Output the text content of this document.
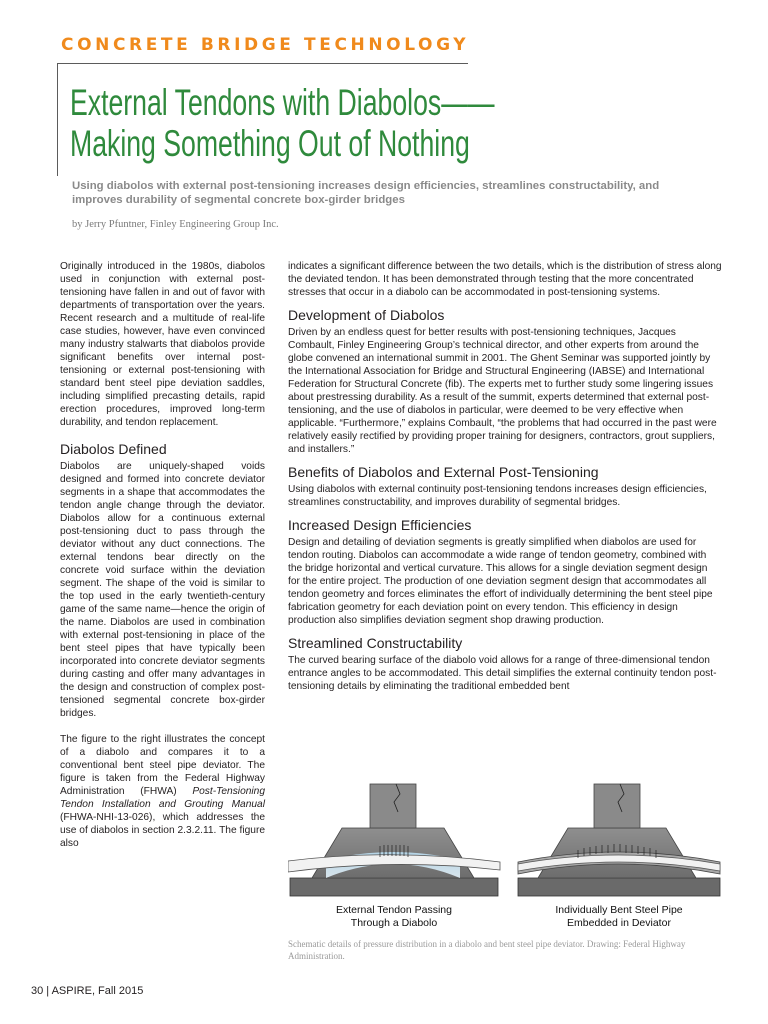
CONCRETE BRIDGE TECHNOLOGY
External Tendons with Diabolos——
Making Something Out of Nothing
Using diabolos with external post-tensioning increases design efficiencies, streamlines constructability, and improves durability of segmental concrete box-girder bridges
by Jerry Pfuntner, Finley Engineering Group Inc.

Originally introduced in the 1980s, diabolos used in conjunction with external post-tensioning have fallen in and out of favor with departments of transportation over the years. Recent research and a multitude of real-life case studies, however, have even convinced many industry stalwarts that diabolos provide significant benefits over internal post-tensioning or external post-tensioning with standard bent steel pipe deviation saddles, including simplified precasting details, rapid erection procedures, improved long-term durability, and tendon replacement.

Diabolos Defined

Diabolos are uniquely-shaped voids designed and formed into concrete deviator segments in a shape that accommodates the tendon angle change through the deviator. Diabolos allow for a continuous external post-tensioning duct to pass through the deviator without any duct connections. The external tendons bear directly on the concrete void surface within the deviation segment. The shape of the void is similar to the top used in the early twentieth-century game of the same name—hence the origin of the name. Diabolos are used in combination with external post-tensioning in place of the bent steel pipes that have typically been incorporated into concrete deviator segments during casting and offer many advantages in the design and construction of complex post-tensioned segmental concrete box-girder bridges.

The figure to the right illustrates the concept of a diabolo and compares it to a conventional bent steel pipe deviator. The figure is taken from the Federal Highway Administration (FHWA) Post-Tensioning Tendon Installation and Grouting Manual (FHWA-NHI-13-026), which addresses the use of diabolos in section 2.3.2.11. The figure also

indicates a significant difference between the two details, which is the distribution of stress along the deviated tendon. It has been demonstrated through testing that the more concentrated stresses that occur in a diabolo can be accommodated in post-tensioning systems.

Development of Diabolos

Driven by an endless quest for better results with post-tensioning techniques, Jacques Combault, Finley Engineering Group’s technical director, and other experts from around the globe convened an international summit in 2001. The Ghent Seminar was supported jointly by the International Association for Bridge and Structural Engineering (IABSE) and International Federation for Structural Concrete (fib). The experts met to further study some lingering issues about prestressing durability. As a result of the summit, experts determined that external post-tensioning, and the use of diabolos in particular, were deemed to be very effective when applicable. “Furthermore,” explains Combault, “the problems that had occurred in the past were relatively easily rectified by providing proper training for designers, contractors, grout suppliers, and installers.”

Benefits of Diabolos and External Post-Tensioning

Using diabolos with external continuity post-tensioning tendons increases design efficiencies, streamlines constructability, and improves durability of segmental bridges.

Increased Design Efficiencies

Design and detailing of deviation segments is greatly simplified when diabolos are used for tendon routing. Diabolos can accommodate a wide range of tendon geometry, combined with the bridge horizontal and vertical curvature. This allows for a single deviation segment design for the entire project. The production of one deviation segment design that accommodates all tendon geometry and forces eliminates the effort of individually determining the bent steel pipe fabrication geometry for each deviation point on every tendon. This efficiency in design production also simplifies deviation segment shop drawing production.

Streamlined Constructability

The curved bearing surface of the diabolo void allows for a range of three-dimensional tendon entrance angles to be accommodated. This detail simplifies the external continuity tendon post-tensioning details by eliminating the traditional embedded bent

External Tendon Passing
Through a Diabolo
Individually Bent Steel Pipe
Embedded in Deviator
Schematic details of pressure distribution in a diabolo and bent steel pipe deviator. Drawing: Federal Highway Administration.
30 | ASPIRE, Fall 2015
